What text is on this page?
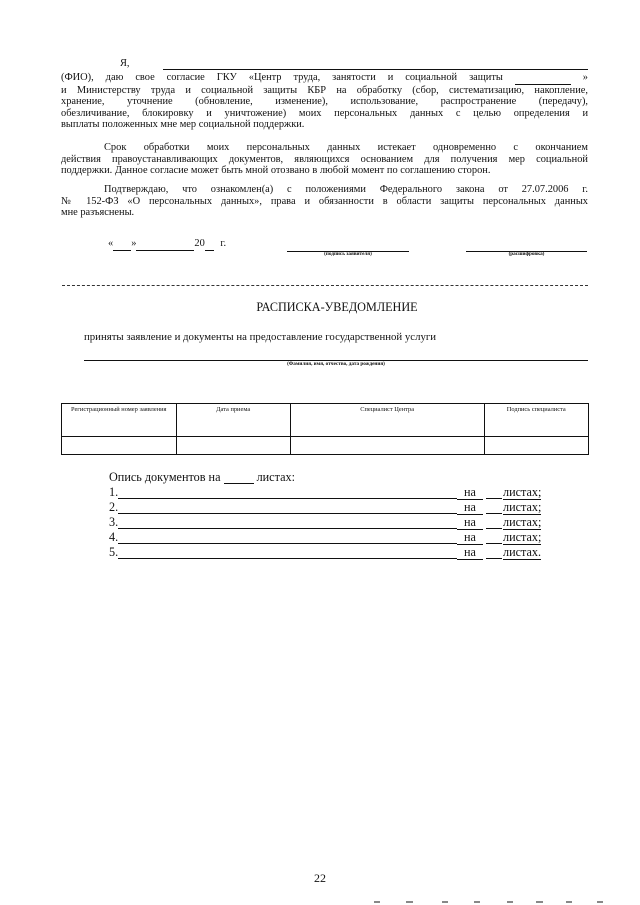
Я,
(ФИО), даю свое согласие ГКУ «Центр труда, занятости и социальной защиты	»
и Министерству труда и социальной защиты КБР на обработку (сбор, систематизацию, накопление,
хранение, уточнение (обновление, изменение), использование, распространение (передачу),
обезличивание, блокировку и уничтожение) моих персональных данных с целью определения и
выплаты положенных мне мер социальной поддержки.
Срок обработки моих персональных данных истекает одновременно с окончанием
действия правоустанавливающих документов, являющихся основанием для получения мер социальной
поддержки. Данное согласие может быть мной отозвано в любой момент по соглашению сторон.
Подтверждаю, что ознакомлен(а) с положениями Федерального закона от 27.07.2006 г.
№ 152-ФЗ «О персональных данных», права и обязанности в области защиты персональных данных
мне разъяснены.
« »	20 г.
(подпись заявителя)	(расшифровка)
РАСПИСКА-УВЕДОМЛЕНИЕ
приняты заявление и документы на предоставление государственной услуги
(Фамилия, имя, отчество, дата рождения)
Регистрационный номер заявления	Дата приема	Специалист Центра	Подпись специалиста

Опись документов на	листах:
1.	на	листах;
2.	на	листах;
3.	на	листах;
4.	на	листах;
5.	на	листах.
22
